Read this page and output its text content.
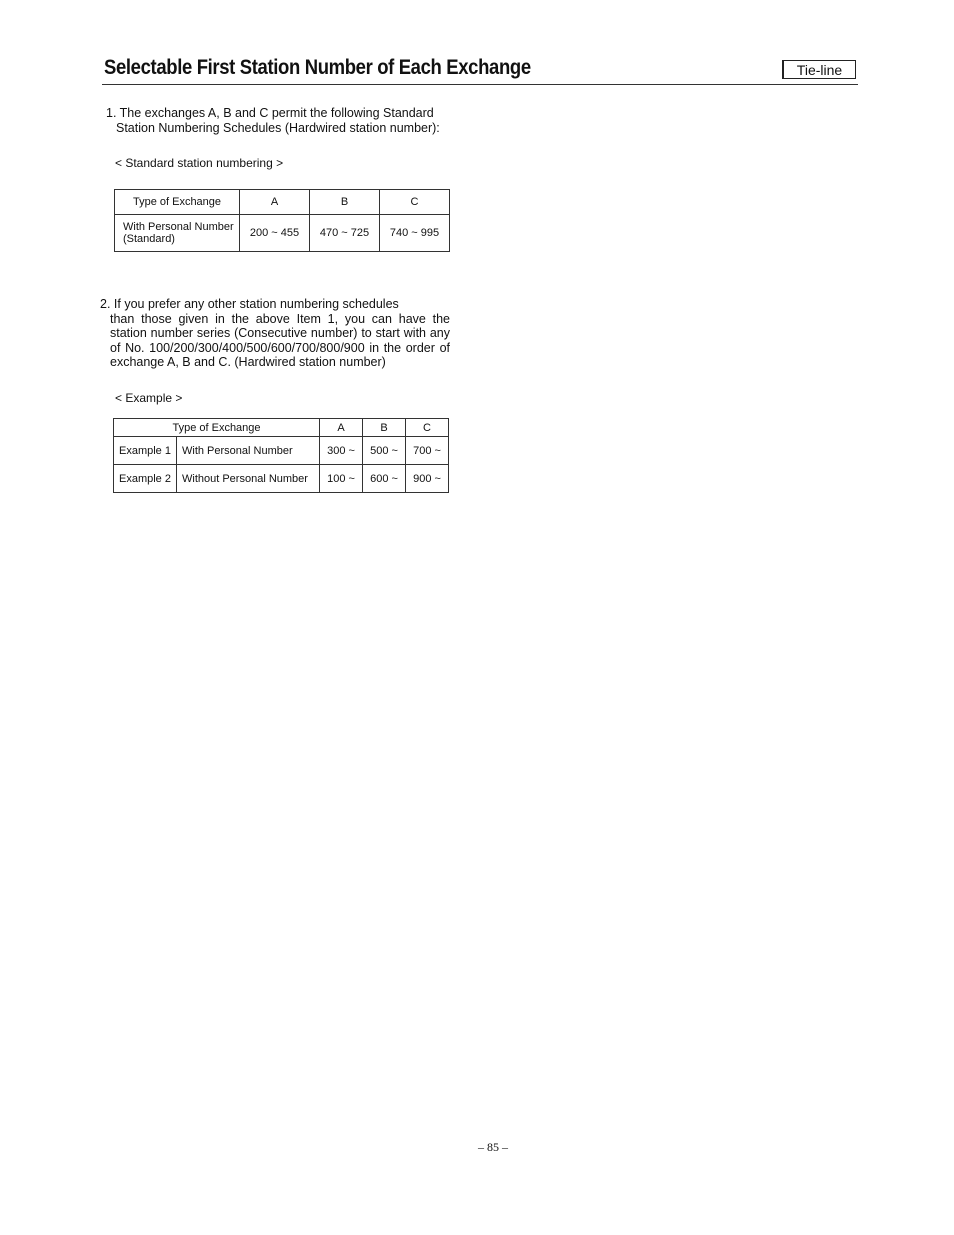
Selectable First Station Number of Each Exchange	Tie-line
1. The exchanges A, B and C permit the following Standard
Station Numbering Schedules (Hardwired station number):
< Standard station numbering >
Type of Exchange	A	B	C
With Personal Number (Standard)	200 ~ 455	470 ~ 725	740 ~ 995
2. If you prefer any other station numbering schedules
than those given in the above Item 1, you can have the station number series (Consecutive number) to start with any of No. 100/200/300/400/500/600/700/800/900 in the order of exchange A, B and C. (Hardwired station number)
< Example >
Type of Exchange		A	B	C
Example 1	With Personal Number	300 ~	500 ~	700 ~
Example 2	Without Personal Number	100 ~	600 ~	900 ~
– 85 –
